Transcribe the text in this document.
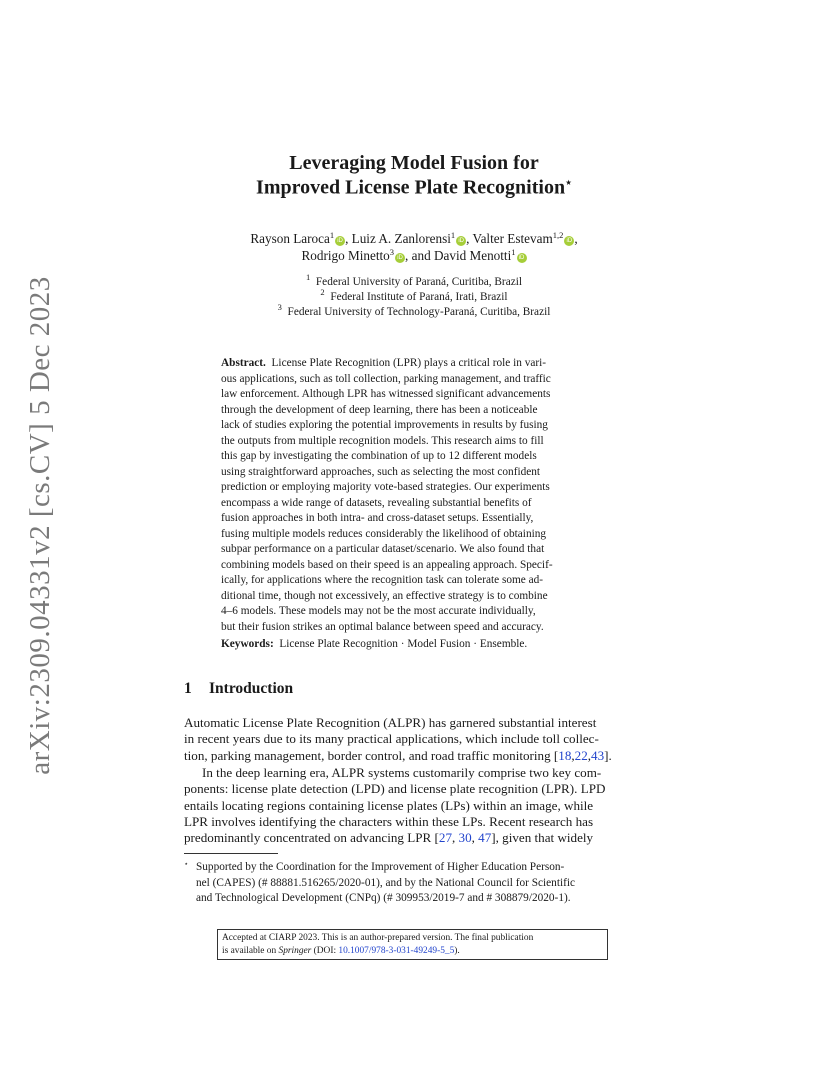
arXiv:2309.04331v2 [cs.CV] 5 Dec 2023
Leveraging Model Fusion for
Improved License Plate Recognition⋆
Rayson Laroca$^1$iD , Luiz A. Zanlorensi$^1$iD , Valter Estevam$^{1,2}$iD ,
Rodrigo Minetto$^3$iD , and David Menotti$^1$iD
$^1$ Federal University of Paraná, Curitiba, Brazil
$^2$ Federal Institute of Paraná, Irati, Brazil
$^3$ Federal University of Technology-Paraná, Curitiba, Brazil
Abstract. License Plate Recognition (LPR) plays a critical role in vari-
ous applications, such as toll collection, parking management, and traffic
law enforcement. Although LPR has witnessed significant advancements
through the development of deep learning, there has been a noticeable
lack of studies exploring the potential improvements in results by fusing
the outputs from multiple recognition models. This research aims to fill
this gap by investigating the combination of up to 12 different models
using straightforward approaches, such as selecting the most confident
prediction or employing majority vote-based strategies. Our experiments
encompass a wide range of datasets, revealing substantial benefits of
fusion approaches in both intra- and cross-dataset setups. Essentially,
fusing multiple models reduces considerably the likelihood of obtaining
subpar performance on a particular dataset/scenario. We also found that
combining models based on their speed is an appealing approach. Specif-
ically, for applications where the recognition task can tolerate some ad-
ditional time, though not excessively, an effective strategy is to combine
4–6 models. These models may not be the most accurate individually,
but their fusion strikes an optimal balance between speed and accuracy.
Keywords: License Plate Recognition · Model Fusion · Ensemble.
1 Introduction
Automatic License Plate Recognition (ALPR) has garnered substantial interest
in recent years due to its many practical applications, which include toll collec-
tion, parking management, border control, and road traffic monitoring [18,22,43].
In the deep learning era, ALPR systems customarily comprise two key com-
ponents: license plate detection (LPD) and license plate recognition (LPR). LPD
entails locating regions containing license plates (LPs) within an image, while
LPR involves identifying the characters within these LPs. Recent research has
predominantly concentrated on advancing LPR [27, 30, 47], given that widely
⋆ Supported by the Coordination for the Improvement of Higher Education Person-
nel (CAPES) (# 88881.516265/2020-01), and by the National Council for Scientific
and Technological Development (CNPq) (# 309953/2019-7 and # 308879/2020-1).
Accepted at CIARP 2023. This is an author-prepared version. The final publication
is available on Springer (DOI: 10.1007/978-3-031-49249-5_5).
